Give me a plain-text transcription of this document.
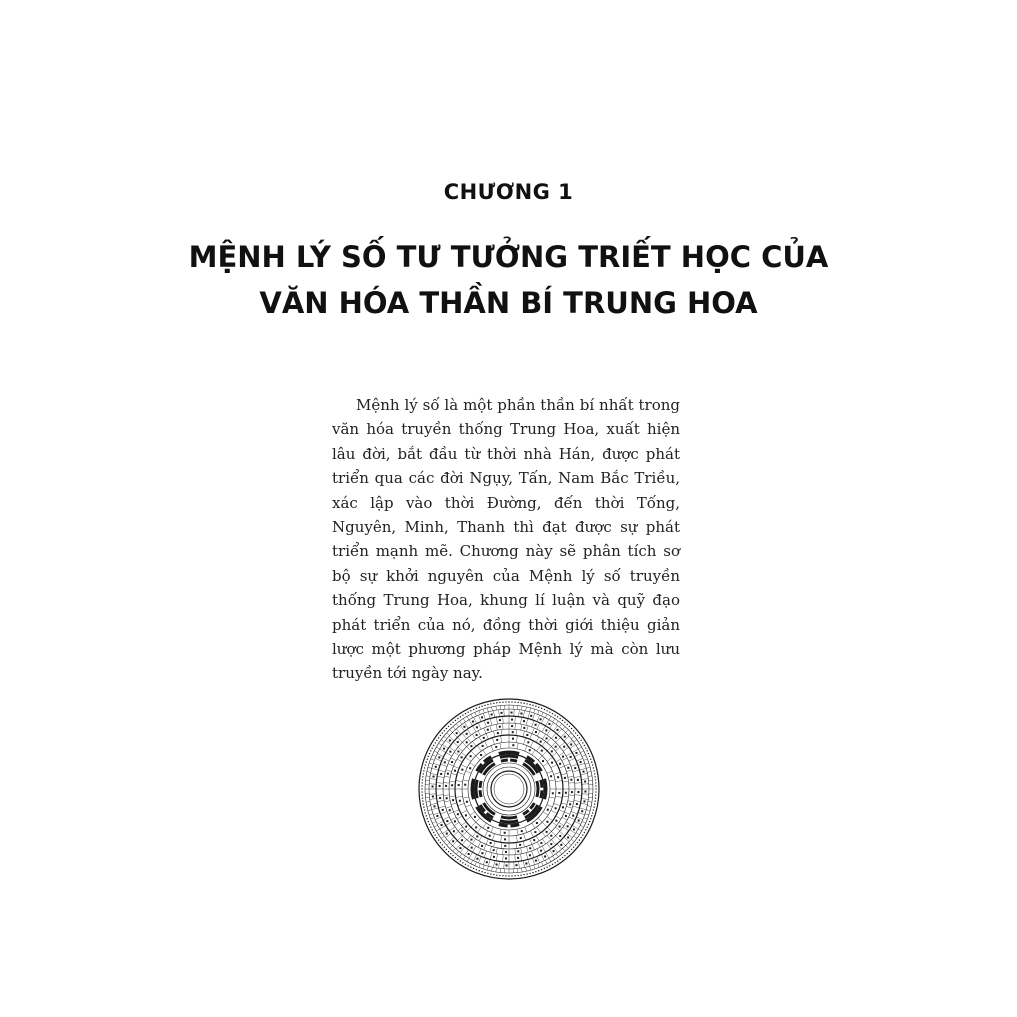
CHƯƠNG 1
MỆNH LÝ SỐ TƯ TƯỞNG TRIẾT HỌC CỦA
VĂN HÓA THẦN BÍ TRUNG HOA

Mệnh lý số là một phần thần bí nhất trong văn hóa truyền thống Trung Hoa, xuất hiện lâu đời, bắt đầu từ thời nhà Hán, được phát triển qua các đời Ngụy, Tấn, Nam Bắc Triều, xác lập vào thời Đường, đến thời Tống, Nguyên, Minh, Thanh thì đạt được sự phát triển mạnh mẽ. Chương này sẽ phân tích sơ bộ sự khởi nguyên của Mệnh lý số truyền thống Trung Hoa, khung lí luận và quỹ đạo phát triển của nó, đồng thời giới thiệu giản lược một phương pháp Mệnh lý mà còn lưu truyền tới ngày nay.
